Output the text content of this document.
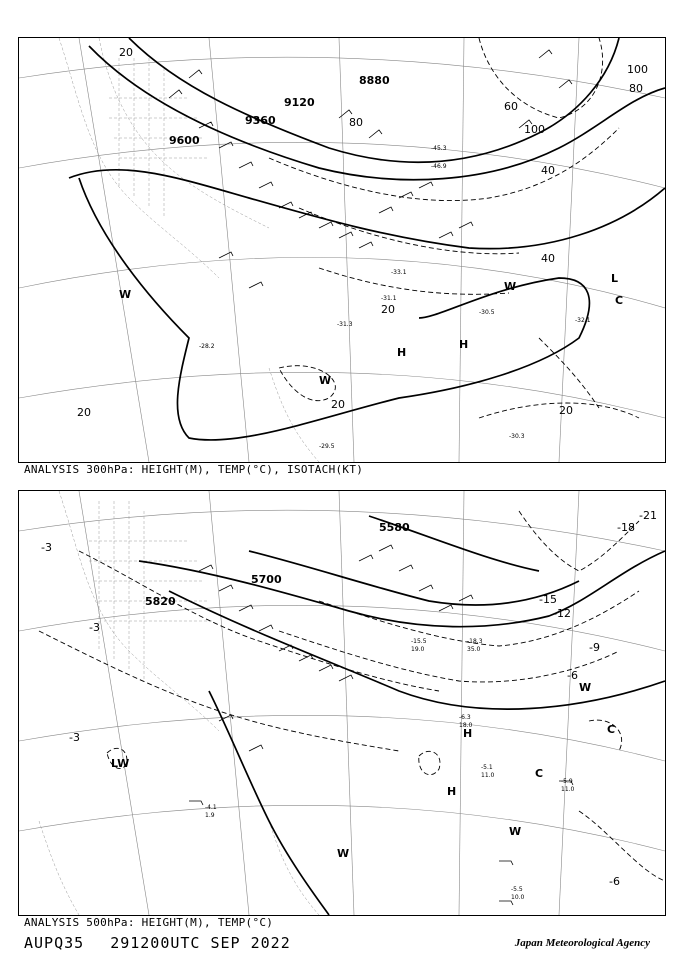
9600
9360
9120
8880
20
20
20
20	20
40
40
60
80
80
100
100
H
H
L
W
W
W
C
-28.2
-29.5
-30.3
-30.5
-31.1
-31.3
-32.1
-33.1
-45.3
-46.9
ANALYSIS 300hPa: HEIGHT(M), TEMP(°C), ISOTACH(KT)
5820
5700
5580
-3
-3
-3
-6
-6
-9
-12
-15
-18
-21
H
H
W
W
W
C
C
LW	-5.1
11.0
-5.5
10.0
-5.9
11.0
-4.1
1.9
-6.3
18.0
-15.5
19.0
-18.3
35.0
ANALYSIS 500hPa: HEIGHT(M), TEMP(°C)
AUPQ35 291200UTC SEP 2022	Japan Meteorological Agency
